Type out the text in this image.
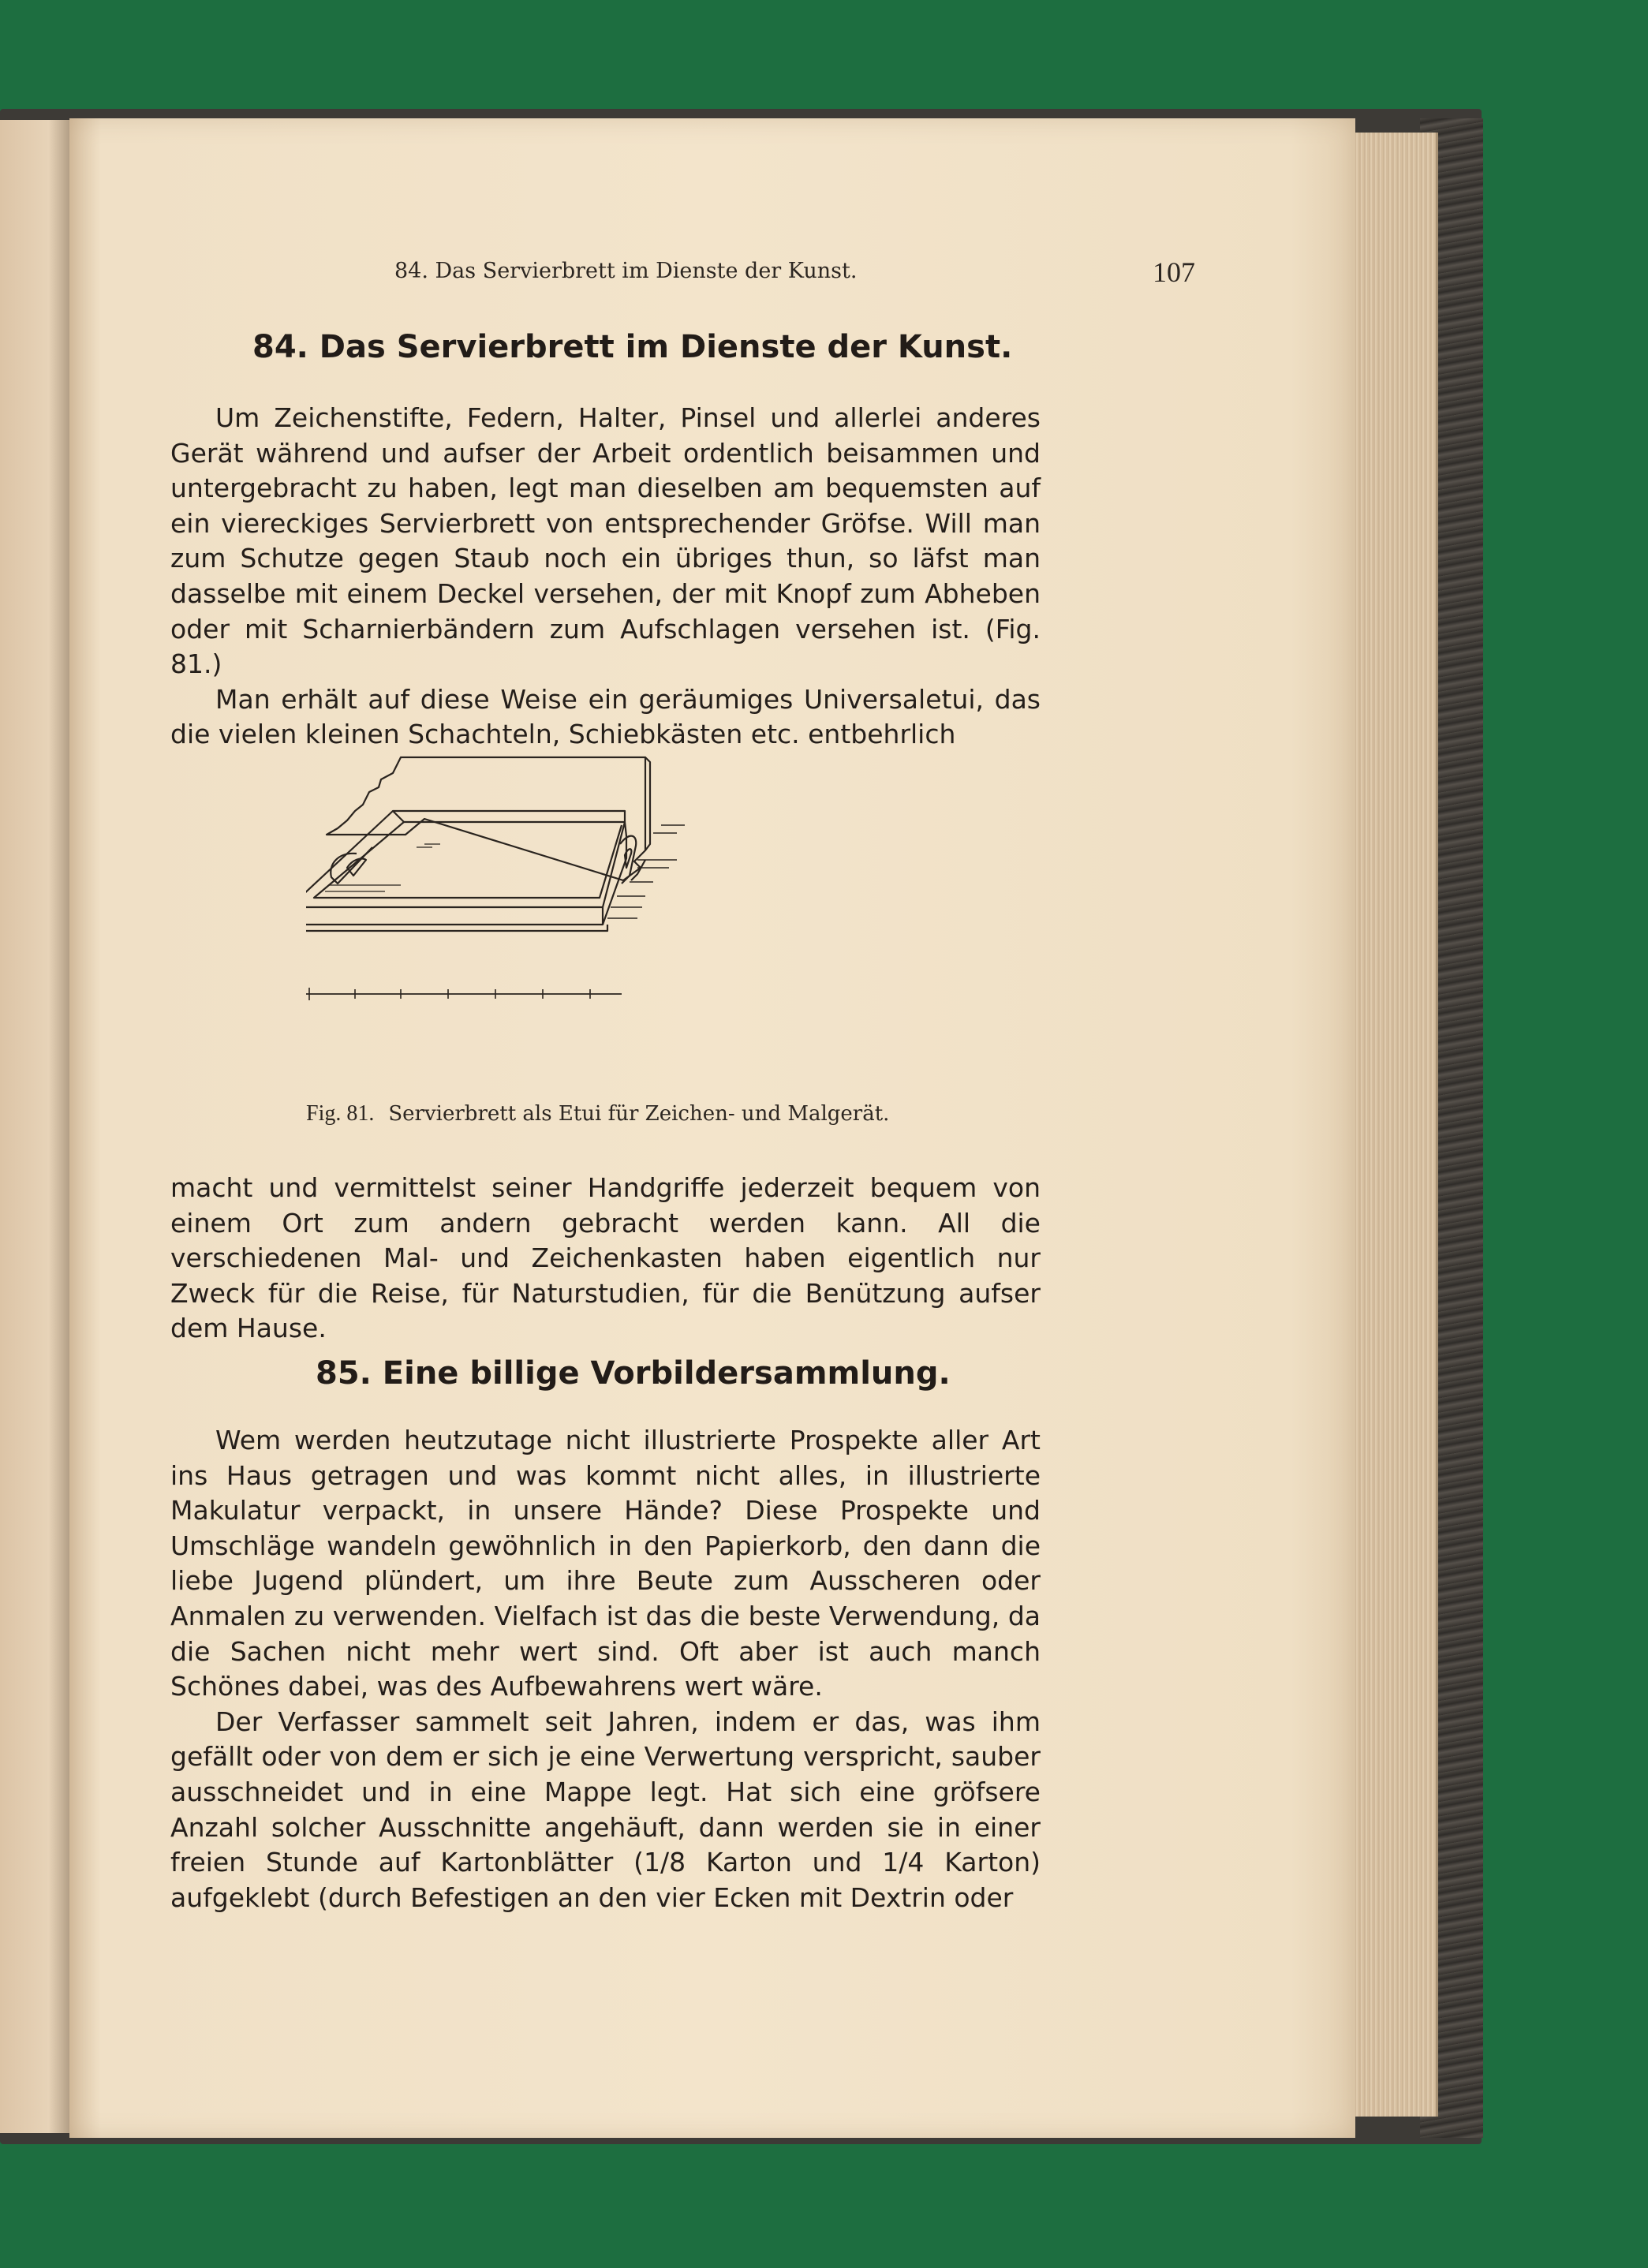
84. Das Servierbrett im Dienste der Kunst.	107
84. Das Servierbrett im Dienste der Kunst.

Um Zeichenstifte, Federn, Halter, Pinsel und allerlei anderes Gerät während und aufser der Arbeit ordentlich beisammen und untergebracht zu haben, legt man dieselben am bequemsten auf ein viereckiges Servierbrett von entsprechender Gröfse. Will man zum Schutze gegen Staub noch ein übriges thun, so läfst man dasselbe mit einem Deckel versehen, der mit Knopf zum Abheben oder mit Scharnierbändern zum Aufschlagen versehen ist. (Fig. 81.)
Man erhält auf diese Weise ein geräumiges Universaletui, das die vielen kleinen Schachteln, Schiebkästen etc. entbehrlich

Fig. 81. Servierbrett als Etui für Zeichen- und Malgerät.

macht und vermittelst seiner Handgriffe jederzeit bequem von einem Ort zum andern gebracht werden kann. All die verschiedenen Mal- und Zeichenkasten haben eigentlich nur Zweck für die Reise, für Naturstudien, für die Benützung aufser dem Hause.

85. Eine billige Vorbildersammlung.

Wem werden heutzutage nicht illustrierte Prospekte aller Art ins Haus getragen und was kommt nicht alles, in illustrierte Makulatur verpackt, in unsere Hände? Diese Prospekte und Umschläge wandeln gewöhnlich in den Papierkorb, den dann die liebe Jugend plündert, um ihre Beute zum Ausscheren oder Anmalen zu verwenden. Vielfach ist das die beste Verwendung, da die Sachen nicht mehr wert sind. Oft aber ist auch manch Schönes dabei, was des Aufbewahrens wert wäre.
Der Verfasser sammelt seit Jahren, indem er das, was ihm gefällt oder von dem er sich je eine Verwertung verspricht, sauber ausschneidet und in eine Mappe legt. Hat sich eine gröfsere Anzahl solcher Ausschnitte angehäuft, dann werden sie in einer freien Stunde auf Kartonblätter (1/8 Karton und 1/4 Karton) aufgeklebt (durch Befestigen an den vier Ecken mit Dextrin oder
